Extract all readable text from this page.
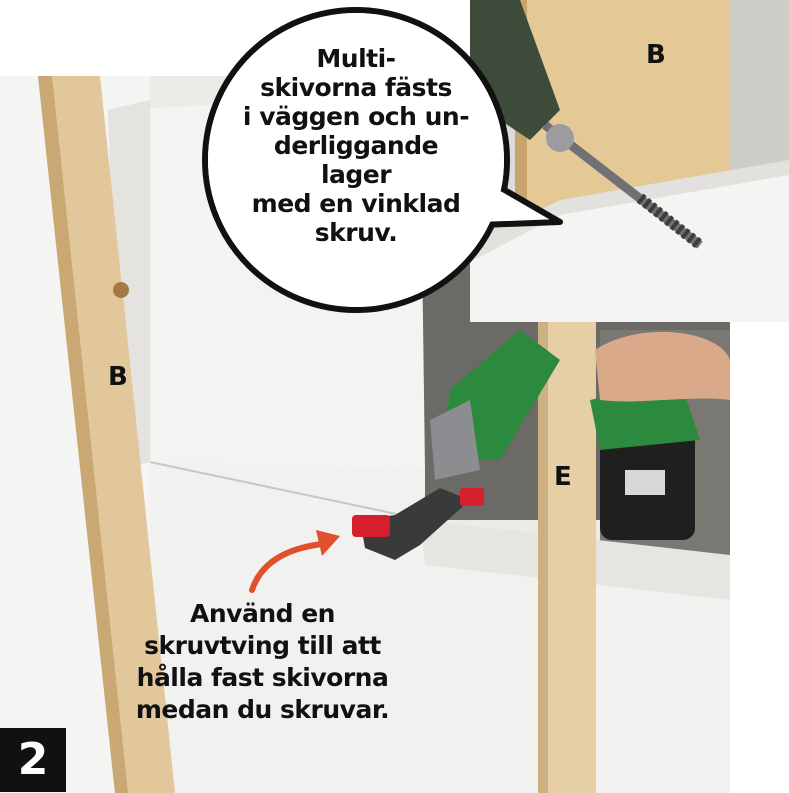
Multi-
skivorna fästs
i väggen och un-
derliggande lager
med en vinklad
skruv.
B
B
E
Använd en
skruvtving till att
hålla fast skivorna
medan du skruvar.
2
